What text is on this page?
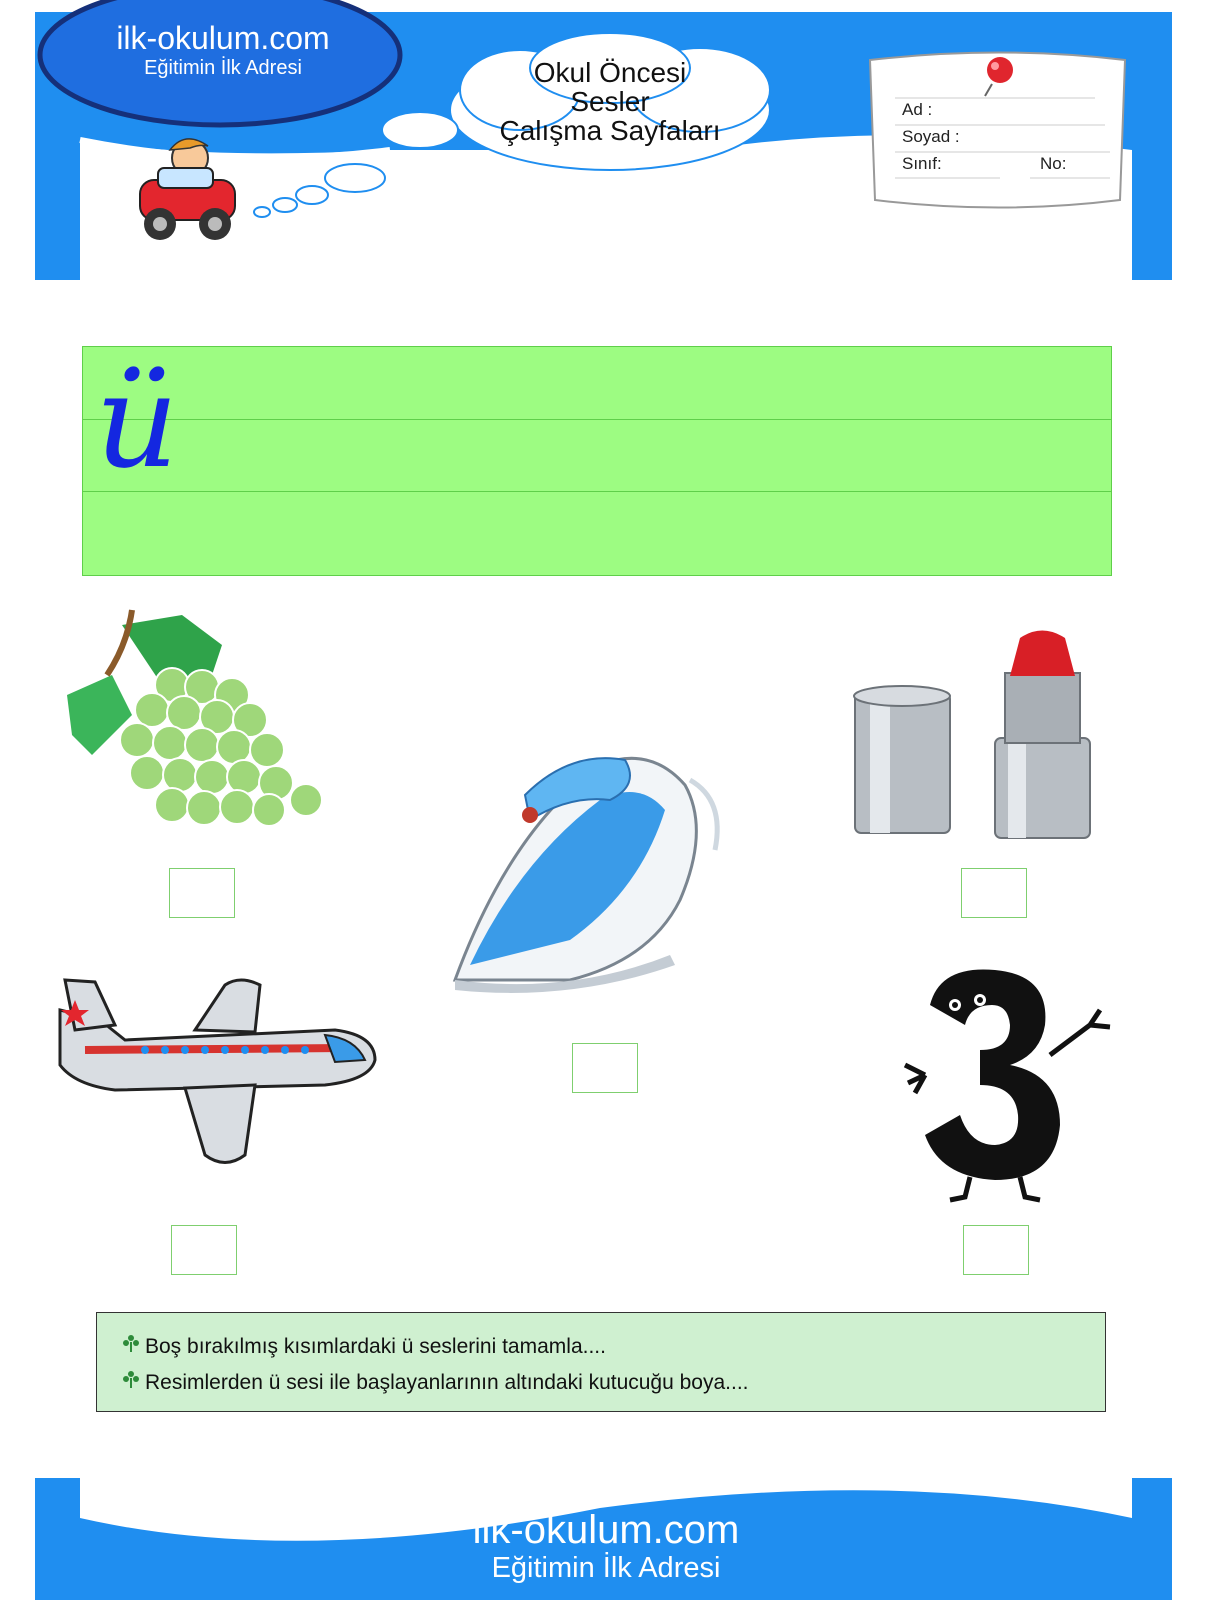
ilk-okulum.com
Eğitimin İlk Adresi	Okul Öncesi
Sesler
Çalışma Sayfaları
Ad :
Soyad :
Sınıf:	No:
ü
Boş bırakılmış kısımlardaki ü seslerini tamamla....
Resimlerden ü sesi ile başlayanlarının altındaki kutucuğu boya....
ilk-okulum.com
Eğitimin İlk Adresi
